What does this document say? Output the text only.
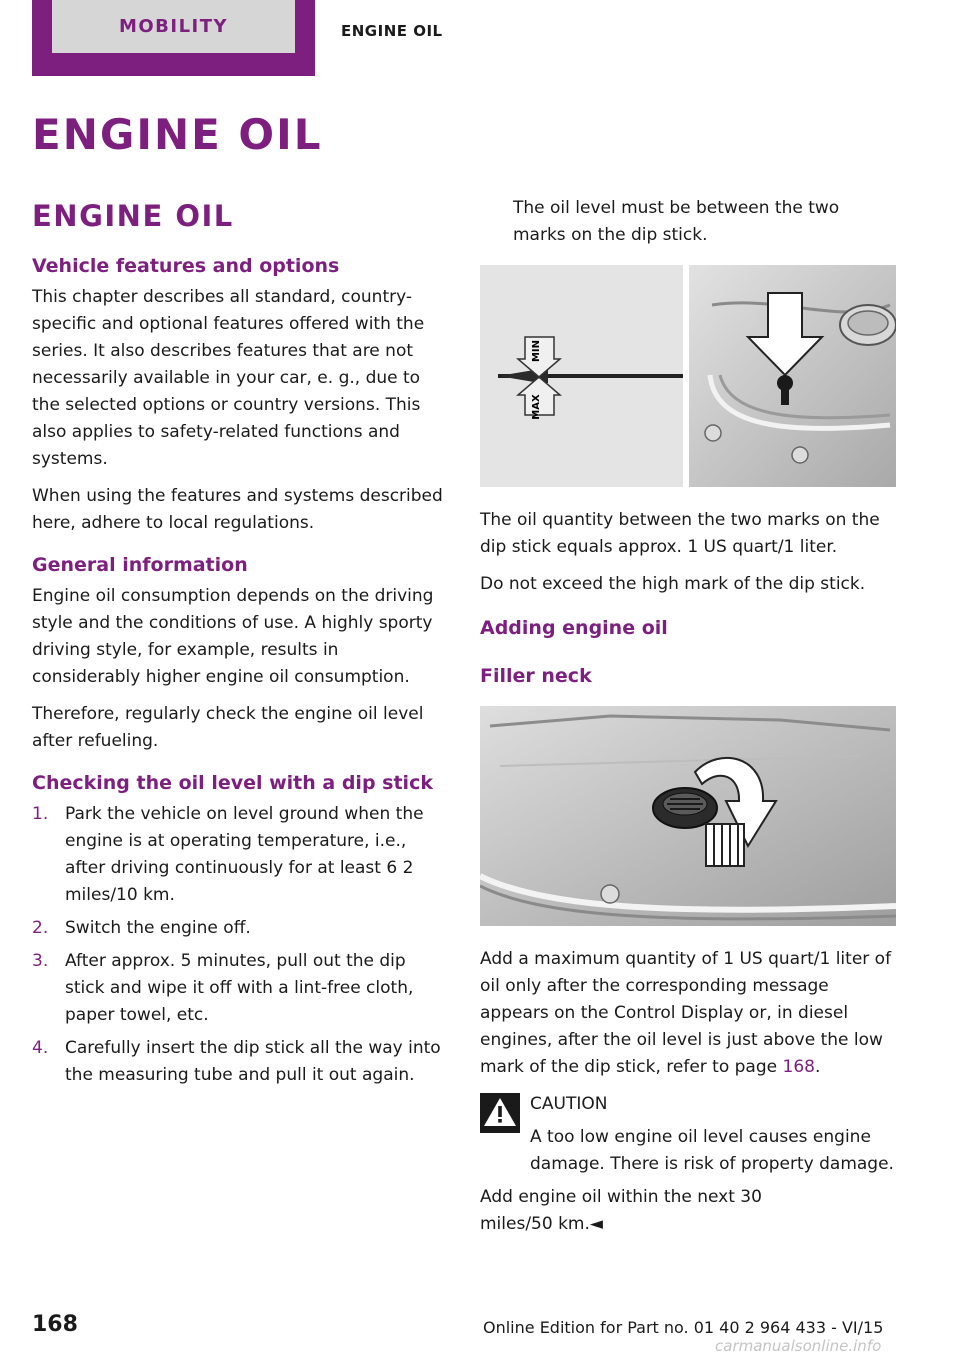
MOBILITY	ENGINE OIL
ENGINE OIL
ENGINE OIL
Vehicle features and options

This chapter describes all standard, country-specific and optional features offered with the series. It also describes features that are not necessarily available in your car, e. g., due to the selected options or country versions. This also applies to safety-related functions and systems.

When using the features and systems described here, adhere to local regulations.

General information

Engine oil consumption depends on the driving style and the conditions of use. A highly sporty driving style, for example, results in considerably higher engine oil consumption.

Therefore, regularly check the engine oil level after refueling.

Checking the oil level with a dip stick
1. Park the vehicle on level ground when the engine is at operating temperature, i.e., after driving continuously for at least 6 2 miles/10 km.
2. Switch the engine off.
3. After approx. 5 minutes, pull out the dip stick and wipe it off with a lint-free cloth, paper towel, etc.
4. Carefully insert the dip stick all the way into the measuring tube and pull it out again.

The oil level must be between the two marks on the dip stick.

MIN
MAX

The oil quantity between the two marks on the dip stick equals approx. 1 US quart/1 liter.

Do not exceed the high mark of the dip stick.

Adding engine oil
Filler neck

Add a maximum quantity of 1 US quart/1 liter of oil only after the corresponding message appears on the Control Display or, in diesel engines, after the oil level is just above the low mark of the dip stick, refer to page 168.

CAUTION

A too low engine oil level causes engine damage. There is risk of property damage.

Add engine oil within the next 30 miles/50 km.◄

168	Online Edition for Part no. 01 40 2 964 433 - VI/15
carmanualsonline.info
